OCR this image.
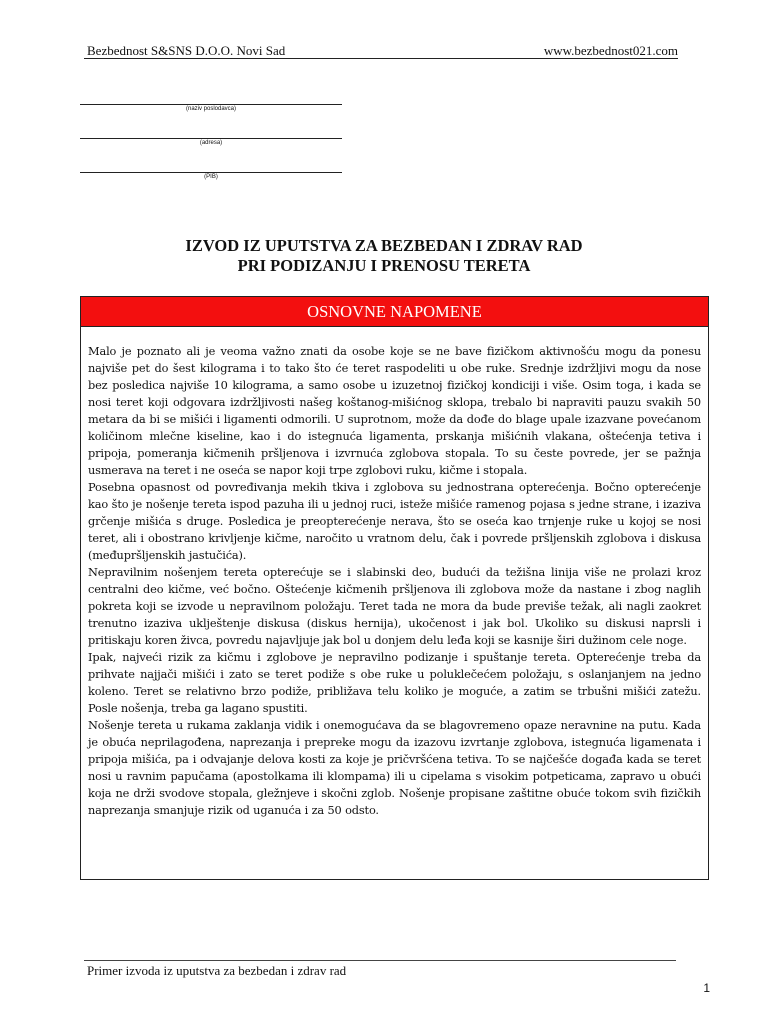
Bezbednost S&SNS D.O.O. Novi Sad	www.bezbednost021.com
(naziv poslodavca)
(adresa)
(PIB)
IZVOD IZ UPUTSTVA ZA BEZBEDAN I ZDRAV RAD
PRI PODIZANJU I PRENOSU TERETA
OSNOVNE NAPOMENE

Malo je poznato ali je veoma važno znati da osobe koje se ne bave fizičkom aktivnošću mogu da ponesu najviše pet do šest kilograma i to tako što će teret raspodeliti u obe ruke. Srednje izdržljivi mogu da nose bez posledica najviše 10 kilograma, a samo osobe u izuzetnoj fizičkoj kondiciji i više. Osim toga, i kada se nosi teret koji odgovara izdržljivosti našeg koštanog-mišićnog sklopa, trebalo bi napraviti pauzu svakih 50 metara da bi se mišići i ligamenti odmorili. U suprotnom, može da dođe do blage upale izazvane povećanom količinom mlečne kiseline, kao i do istegnuća ligamenta, prskanja mišićnih vlakana, oštećenja tetiva i pripoja, pomeranja kičmenih pršljenova i izvrnuća zglobova stopala. To su česte povrede, jer se pažnja usmerava na teret i ne oseća se napor koji trpe zglobovi ruku, kičme i stopala.

Posebna opasnost od povređivanja mekih tkiva i zglobova su jednostrana opterećenja. Bočno opterećenje kao što je nošenje tereta ispod pazuha ili u jednoj ruci, isteže mišiće ramenog pojasa s jedne strane, i izaziva grčenje mišića s druge. Posledica je preopterećenje nerava, što se oseća kao trnjenje ruke u kojoj se nosi teret, ali i obostrano krivljenje kičme, naročito u vratnom delu, čak i povrede pršljenskih zglobova i diskusa (međupršljenskih jastučića).

Nepravilnim nošenjem tereta opterećuje se i slabinski deo, budući da težišna linija više ne prolazi kroz centralni deo kičme, već bočno. Oštećenje kičmenih pršljenova ili zglobova može da nastane i zbog naglih pokreta koji se izvode u nepravilnom položaju. Teret tada ne mora da bude previše težak, ali nagli zaokret trenutno izaziva uklještenje diskusa (diskus hernija), ukočenost i jak bol. Ukoliko su diskusi naprsli i pritiskaju koren živca, povredu najavljuje jak bol u donjem delu leđa koji se kasnije širi dužinom cele noge.

Ipak, najveći rizik za kičmu i zglobove je nepravilno podizanje i spuštanje tereta. Opterećenje treba da prihvate najjači mišići i zato se teret podiže s obe ruke u poluklečećem položaju, s oslanjanjem na jedno koleno. Teret se relativno brzo podiže, približava telu koliko je moguće, a zatim se trbušni mišići zatežu. Posle nošenja, treba ga lagano spustiti.

Nošenje tereta u rukama zaklanja vidik i onemogućava da se blagovremeno opaze neravnine na putu. Kada je obuća neprilagođena, naprezanja i prepreke mogu da izazovu izvrtanje zglobova, istegnuća ligamenata i pripoja mišića, pa i odvajanje delova kosti za koje je pričvršćena tetiva. To se najčešće događa kada se teret nosi u ravnim papučama (apostolkama ili klompama) ili u cipelama s visokim potpeticama, zapravo u obući koja ne drži svodove stopala, gležnjeve i skočni zglob. Nošenje propisane zaštitne obuće tokom svih fizičkih naprezanja smanjuje rizik od uganuća i za 50 odsto.

Primer izvoda iz uputstva za bezbedan i zdrav rad
1
